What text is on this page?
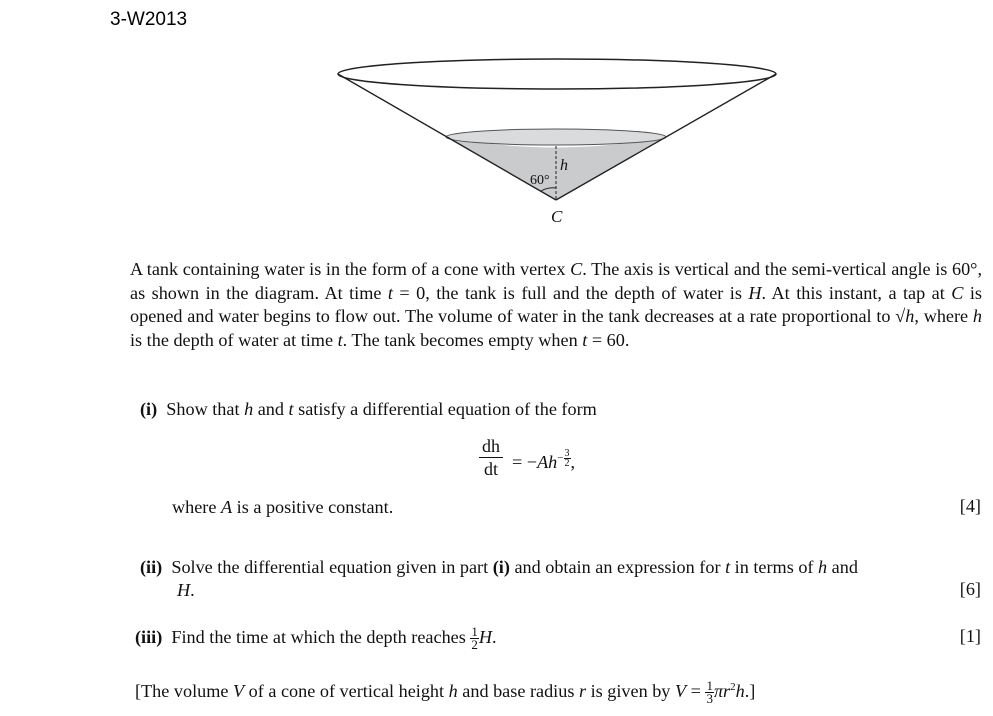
3-W2013
60°
h
C
A tank containing water is in the form of a cone with vertex C. The axis is vertical and the semi-vertical angle is 60°, as shown in the diagram. At time t = 0, the tank is full and the depth of water is H. At this instant, a tap at C is opened and water begins to flow out. The volume of water in the tank decreases at a rate proportional to √h, where h is the depth of water at time t. The tank becomes empty when t = 60.
(i) Show that h and t satisfy a differential equation of the form
$\frac{dh}{dt} = -Ah^{- \frac{3}{2}}$ ,
where A is a positive constant.	[4]
(ii) Solve the differential equation given in part (i) and obtain an expression for t in terms of h and
H.	[6]
(iii) Find the time at which the depth reaches $\frac{1}{2} H$.	[1]
[The volume V of a cone of vertical height h and base radius r is given by $V = \frac{1}{3} \pi r^2h$.]
